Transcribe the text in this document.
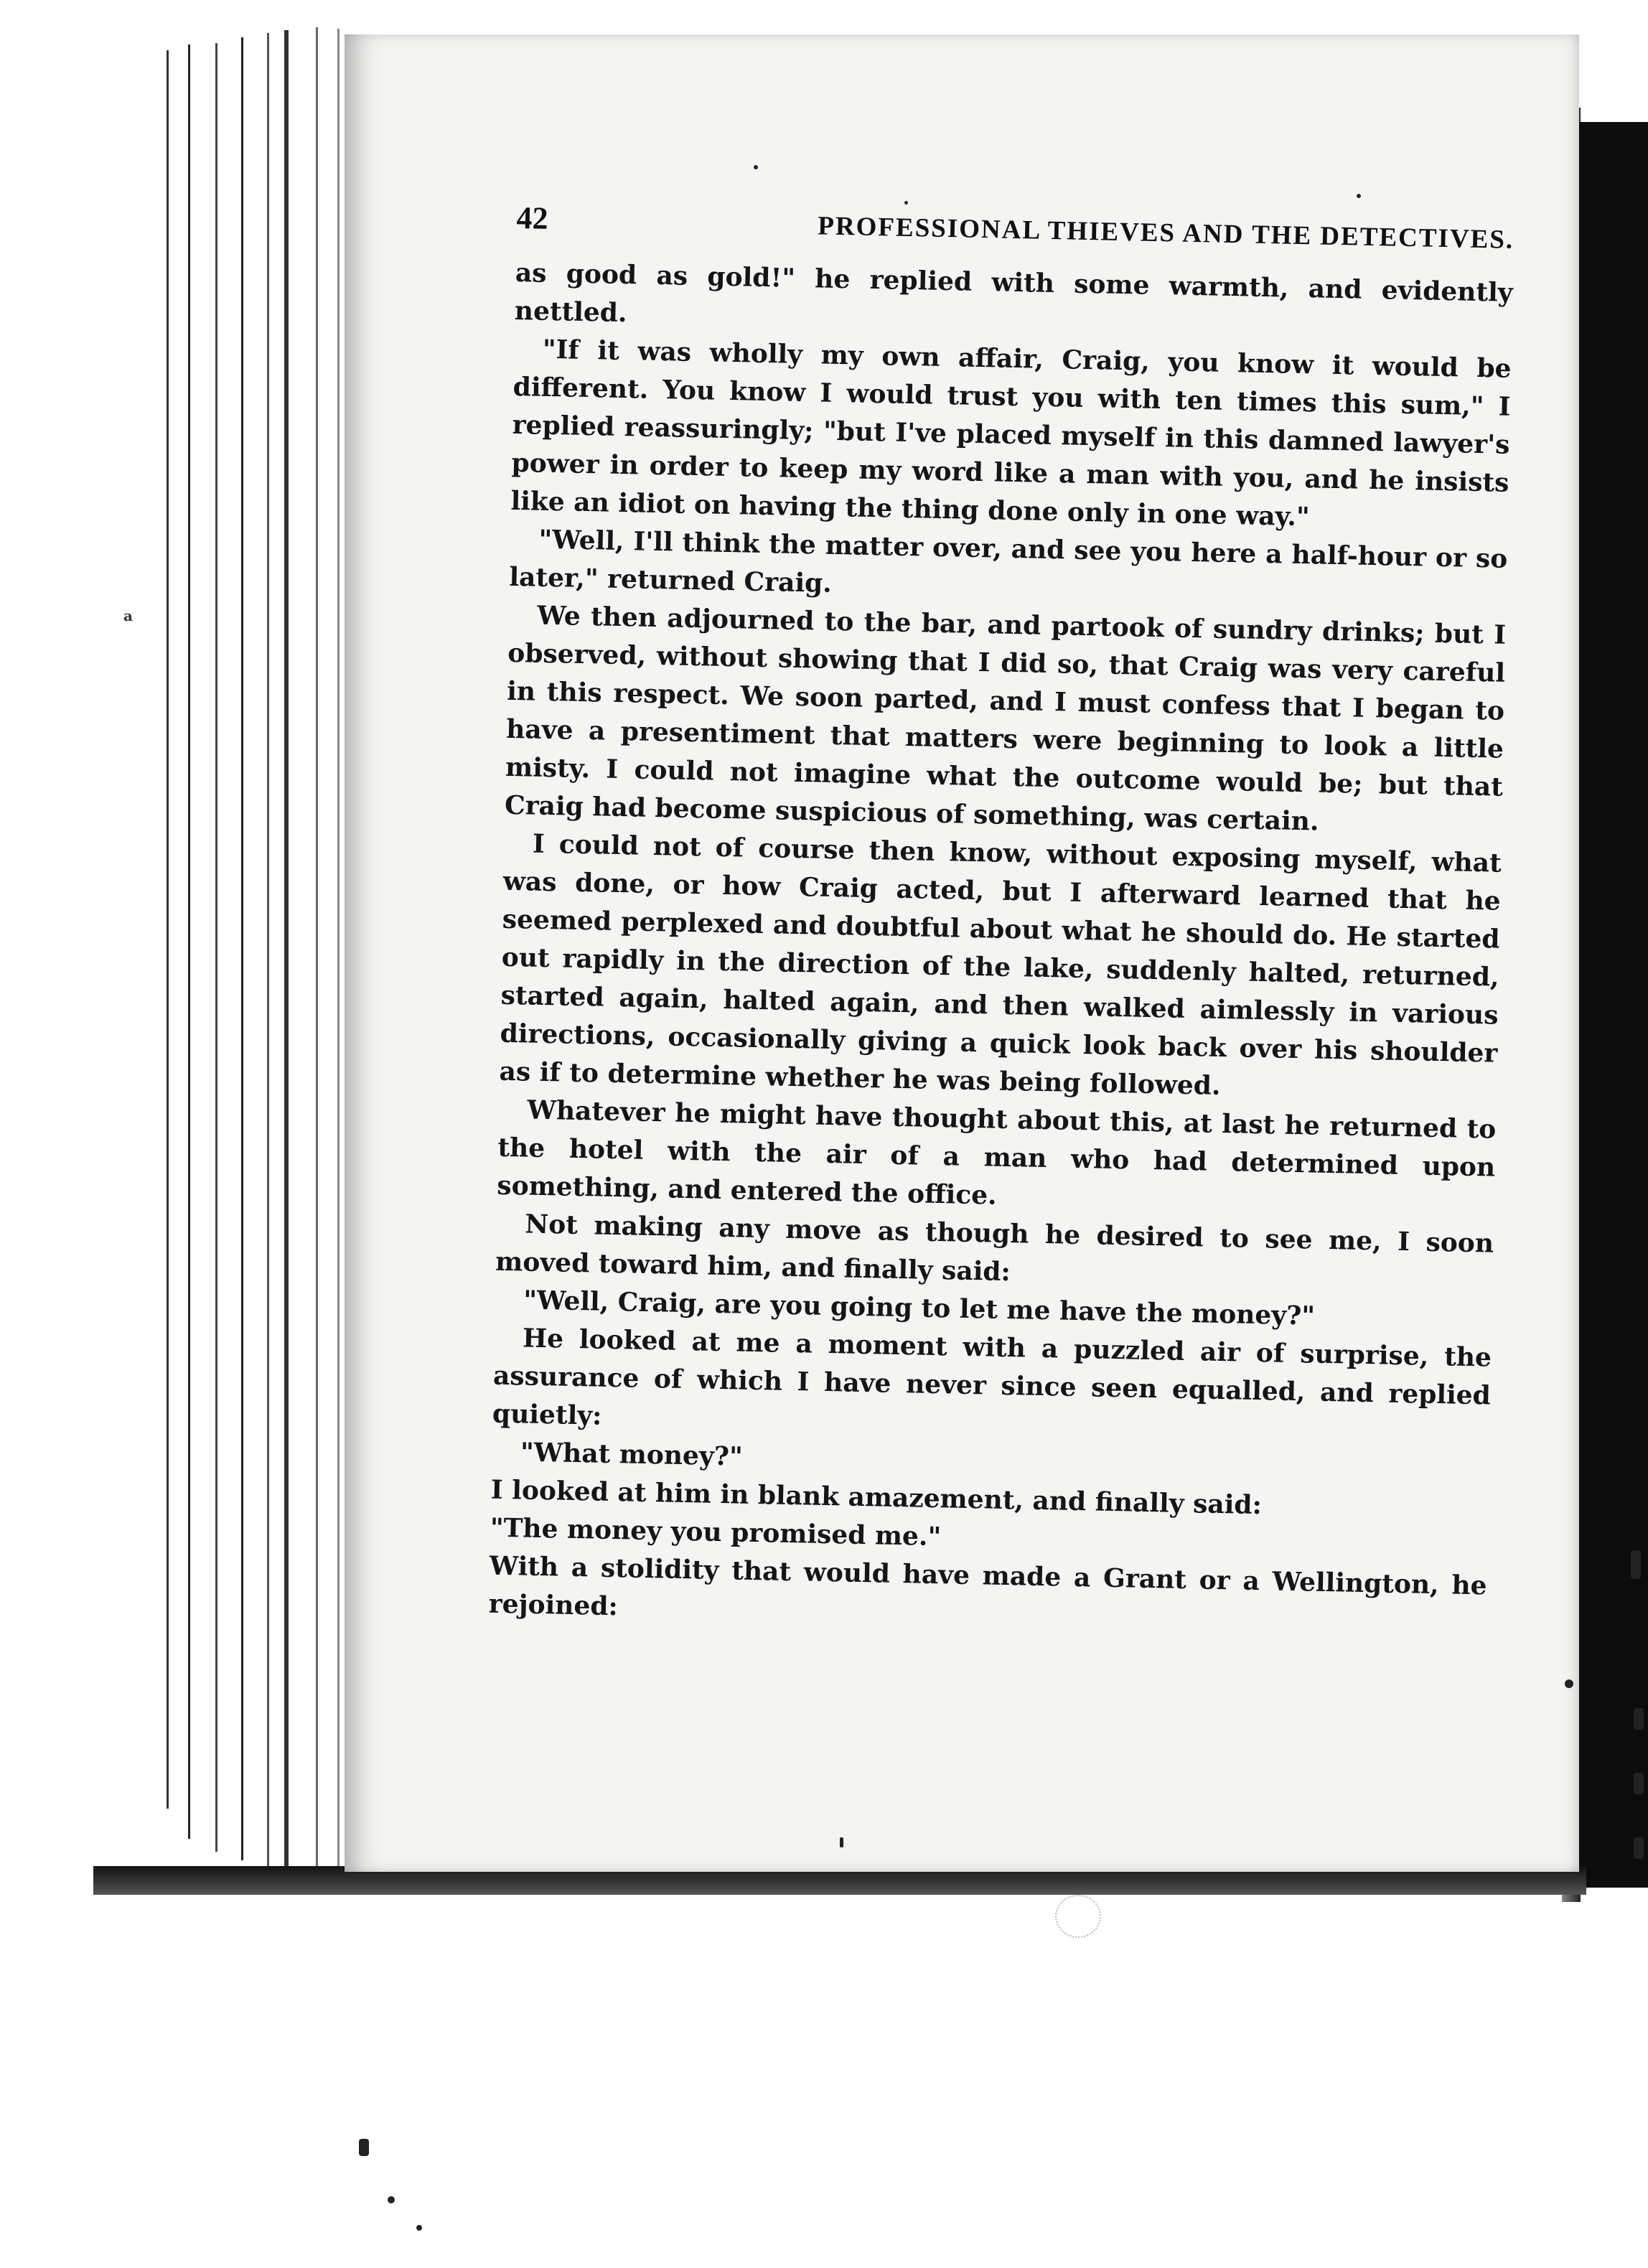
42	PROFESSIONAL THIEVES AND THE DETECTIVES.

as good as gold!" he replied with some warmth, and evidently nettled.

"If it was wholly my own affair, Craig, you know it would be different. You know I would trust you with ten times this sum," I replied reassuringly; "but I've placed myself in this damned lawyer's power in order to keep my word like a man with you, and he insists like an idiot on having the thing done only in one way."

"Well, I'll think the matter over, and see you here a half-hour or so later," returned Craig.

We then adjourned to the bar, and partook of sundry drinks; but I observed, without showing that I did so, that Craig was very careful in this respect. We soon parted, and I must confess that I began to have a presentiment that matters were beginning to look a little misty. I could not imagine what the outcome would be; but that Craig had become suspicious of something, was certain.

I could not of course then know, without exposing myself, what was done, or how Craig acted, but I afterward learned that he seemed perplexed and doubtful about what he should do. He started out rapidly in the direction of the lake, suddenly halted, returned, started again, halted again, and then walked aimlessly in various directions, occasionally giving a quick look back over his shoulder as if to determine whether he was being followed.

Whatever he might have thought about this, at last he returned to the hotel with the air of a man who had determined upon something, and entered the office.

Not making any move as though he desired to see me, I soon moved toward him, and finally said:

"Well, Craig, are you going to let me have the money?"

He looked at me a moment with a puzzled air of surprise, the assurance of which I have never since seen equalled, and replied quietly:

"What money?"

I looked at him in blank amazement, and finally said:

"The money you promised me."

With a stolidity that would have made a Grant or a Wellington, he rejoined:

a
